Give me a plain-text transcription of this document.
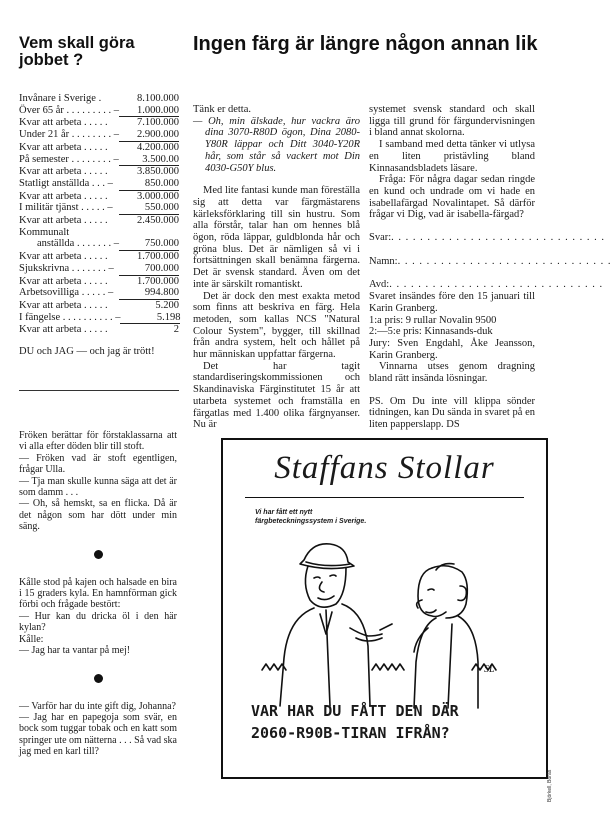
Vem skall göra jobbet ?
Invånare i Sverige .	8.100.000
Över 65 år . . . . . . . . . –	1.000.000
Kvar att arbeta . . . . .	7.100.000
Under 21 år . . . . . . . . –	2.900.000
Kvar att arbeta . . . . .	4.200.000
På semester . . . . . . . . –	3.500.00
Kvar att arbeta . . . . .	3.850.000
Statligt anställda . . . –	850.000
Kvar att arbeta . . . . .	3.000.000
I militär tjänst . . . . . –	550.000
Kvar att arbeta . . . . .	2.450.000
Kommunalt
anställda . . . . . . . –	750.000
Kvar att arbeta . . . . .	1.700.000
Sjukskrivna . . . . . . . –	700.000
Kvar att arbeta . . . . .	1.700.000
Arbetsovilliga . . . . . –	994.800
Kvar att arbeta . . . . .	5.200
I fängelse . . . . . . . . . . –	5.198
Kvar att arbeta . . . . .	2
DU och JAG — och jag är trött!
Ingen färg är längre någon annan lik

Tänk er detta.

— Oh, min älskade, hur vackra äro dina 3070-R80D ögon, Dina 2080-Y80R läppar och Ditt 3040-Y20R hår, som står så vackert mot Din 4030-G50Y blus.

Med lite fantasi kunde man föreställa sig att detta var färgmästarens kärleksförklaring till sin hustru. Som alla förstår, talar han om hennes blå ögon, röda läppar, guldblonda hår och gröna blus. Det är nämligen så vi i fortsättningen skall benämna färgerna. Det är svensk standard. Även om det inte är särskilt romantiskt.

Det är dock den mest exakta metod som finns att beskriva en färg. Hela metoden, som kallas NCS "Natural Colour System", bygger, till skillnad från andra system, helt och hållet på hur människan uppfattar färgerna.

Det har tagit standardiseringskommissionen och Skandinaviska Färginstitutet 15 år att utarbeta systemet och framställa en färgatlas med 1.400 olika färgnyanser. Nu är

systemet svensk standard och skall ligga till grund för färgundervisningen i bland annat skolorna.

I samband med detta tänker vi utlysa en liten pristävling bland Kinnasandsbladets läsare.

Fråga: För några dagar sedan ringde en kund och undrade om vi hade en isabellafärgad Novalintapet. Så därför frågar vi Dig, vad är isabella-färgad?

Svar: . . . . . . . . . . . . . . . . . . . . . . . . . . . . . .
Namn: . . . . . . . . . . . . . . . . . . . . . . . . . . . . . .
Avd: . . . . . . . . . . . . . . . . . . . . . . . . . . . . . .

Svaret insändes före den 15 januari till Karin Granberg.

1:a pris: 9 rullar Novalin 9500

2:—5:e pris: Kinnasands-duk

Jury: Sven Engdahl, Åke Jeansson, Karin Granberg.

Vinnarna utses genom dragning bland rätt insända lösningar.

PS. Om Du inte vill klippa sönder tidningen, kan Du sända in svaret på en liten papperslapp. DS

Fröken berättar för förstaklassarna att vi alla efter döden blir till stoft.
— Fröken vad är stoft egentligen, frågar Ulla.
— Tja man skulle kunna säga att det är som damm . . .
— Oh, så hemskt, sa en flicka. Då är det någon som har dött under min säng.

Kålle stod på kajen och halsade en bira i 15 graders kyla. En hamnförman gick förbi och frågade bestört:
— Hur kan du dricka öl i den här kylan?
Kålle:
— Jag har ta vantar på mej!

— Varför har du inte gift dig, Johanna?
— Jag har en papegoja som svär, en bock som tuggar tobak och en katt som springer ute om nätterna . . . Så vad ska jag med en karl till?

Staffans Stollar
Vi har fått ett nytt färgbeteckningssystem i Sverige.
SL
VAR HAR DU FÅTT DEN DÄR
2060-R90B-TIRAN IFRÅN?
Björkell, Borås
